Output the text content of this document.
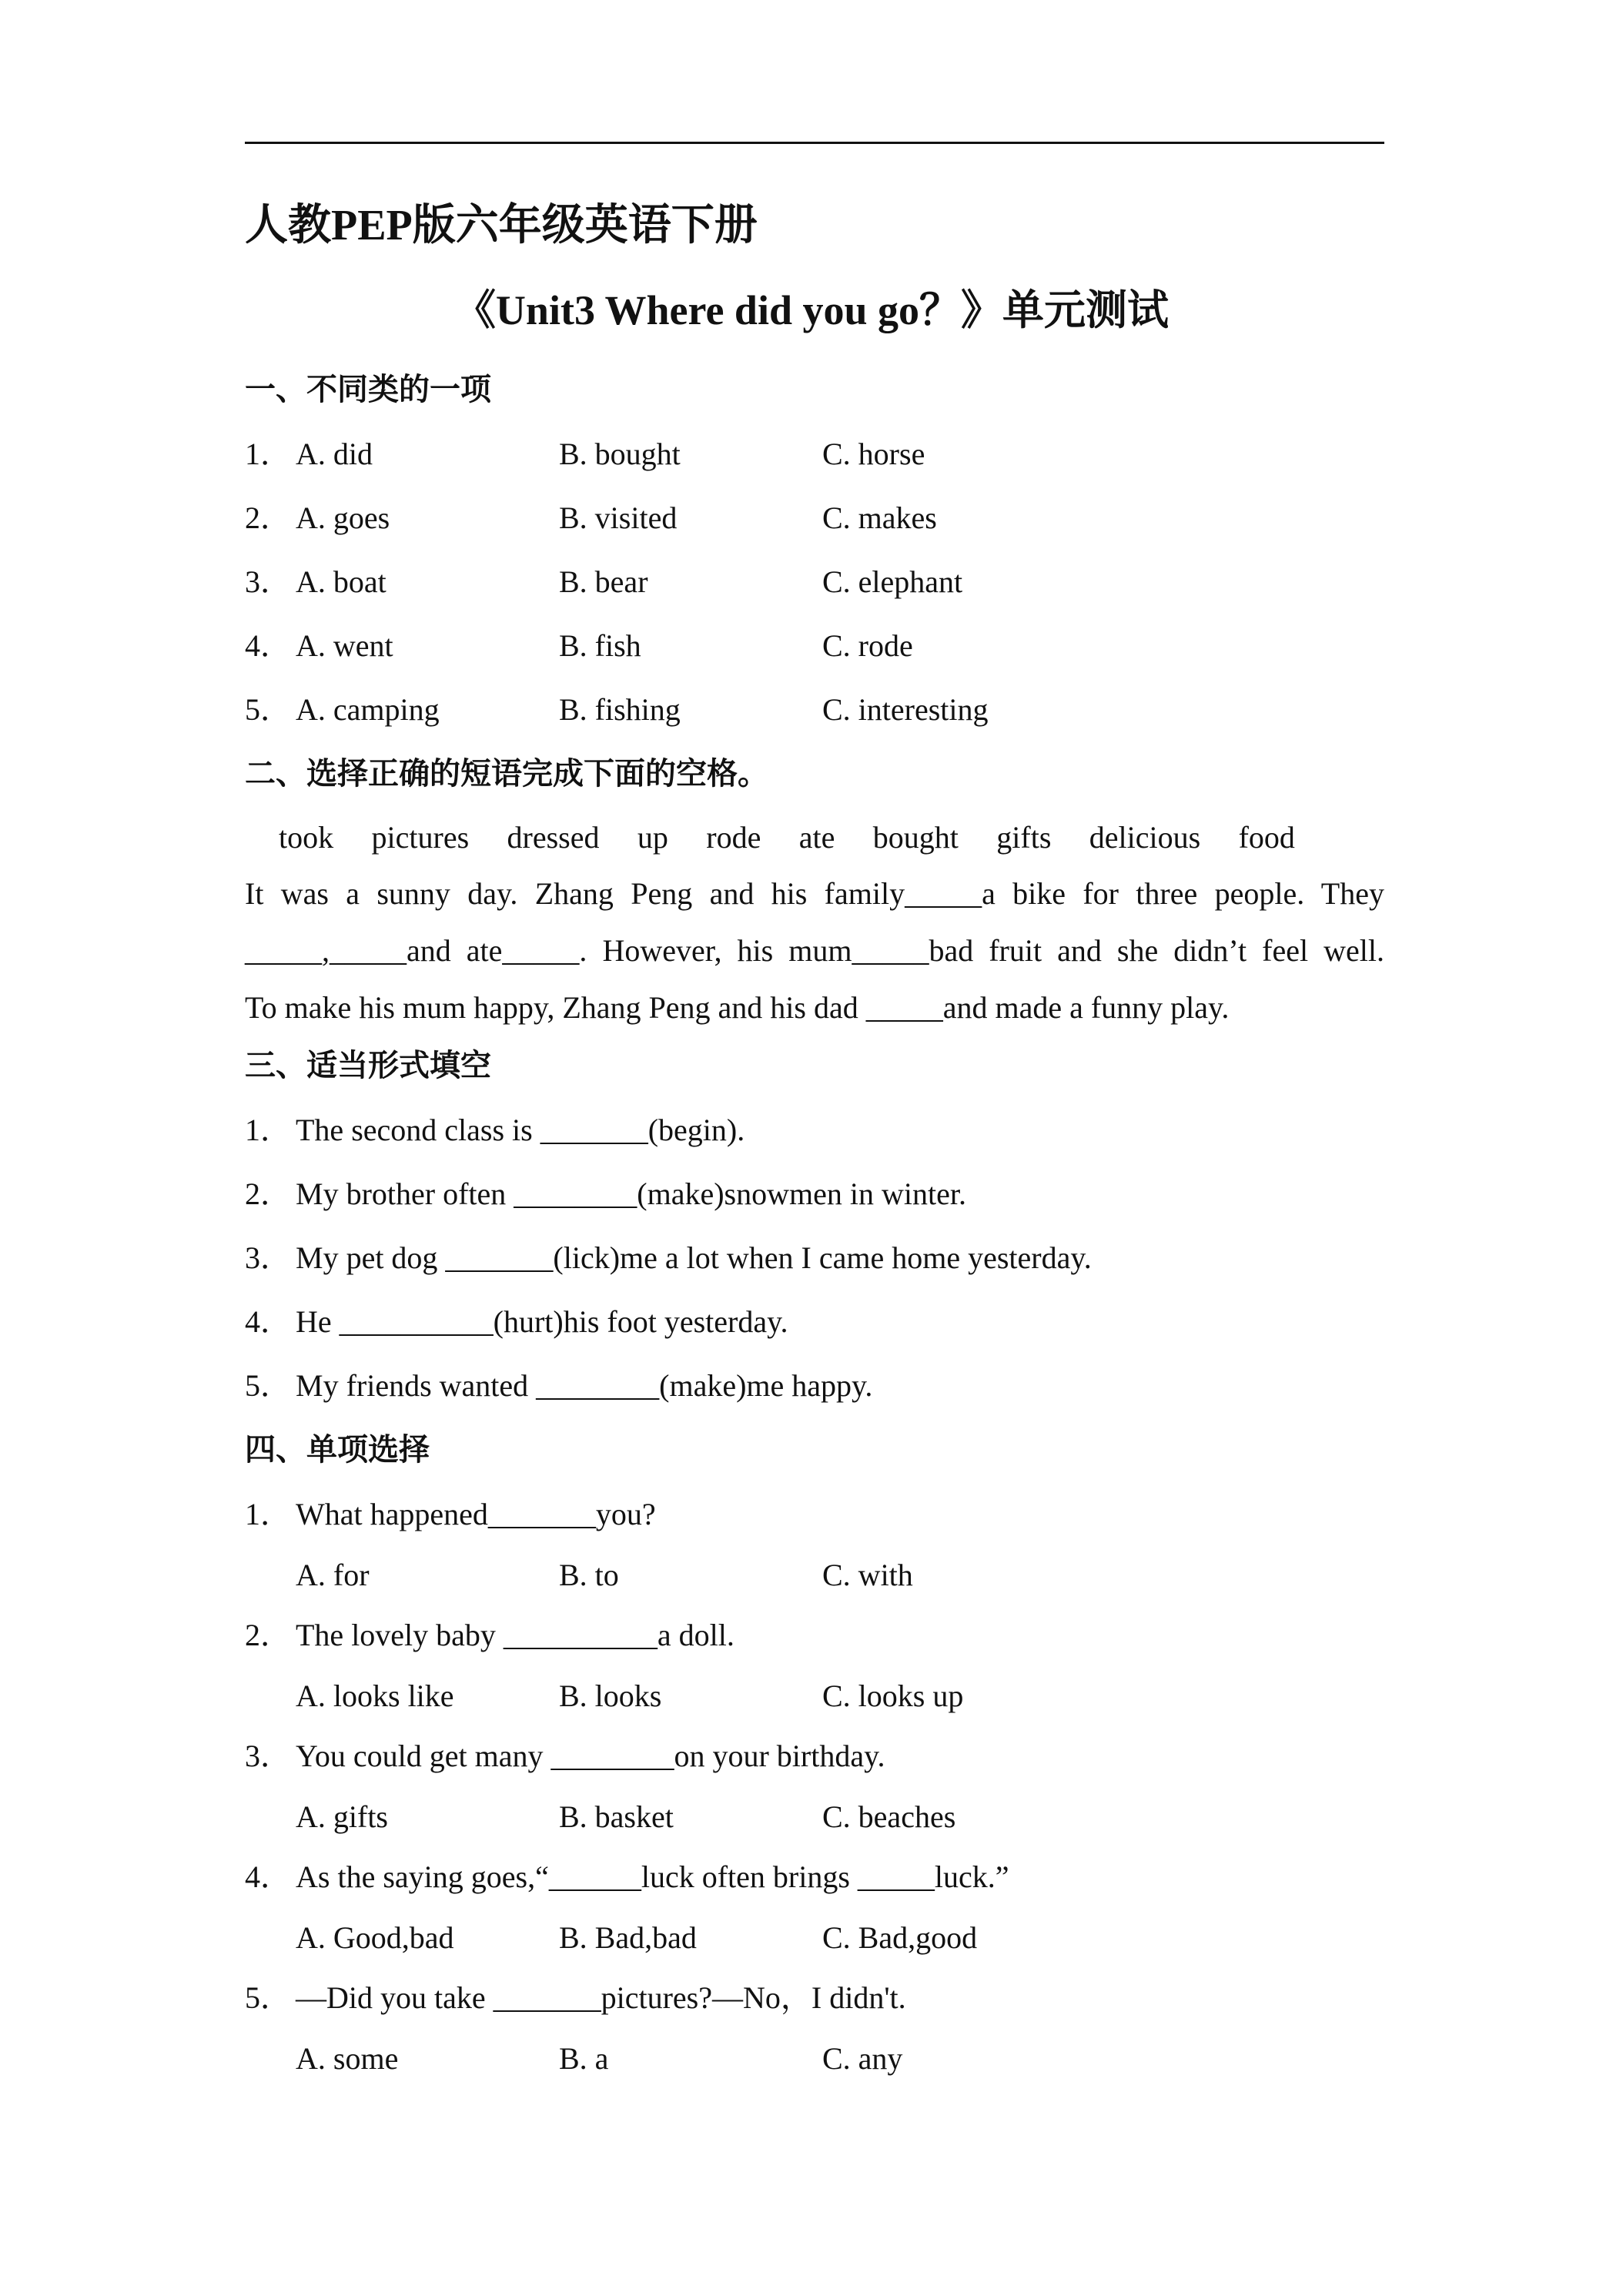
人教PEP版六年级英语下册
《Unit3 Where did you go？》单元测试
一、不同类的一项
1． A. did	B. bought	C. horse
2． A. goes	B. visited	C. makes
3． A. boat	B. bear	C. elephant
4． A. went	B. fish	C. rode
5． A. camping	B. fishing	C. interesting
二、选择正确的短语完成下面的空格。
took pictures dressed up rode ate bought gifts delicious food

It was a sunny day. Zhang Peng and his family_____a bike for three people. They

_____,_____and ate_____. However, his mum_____bad fruit and she didn’t feel well.

To make his mum happy, Zhang Peng and his dad _____and made a funny play.

三、适当形式填空
1． The second class is _______(begin).
2． My brother often ________(make)snowmen in winter.
3． My pet dog _______(lick)me a lot when I came home yesterday.
4． He __________(hurt)his foot yesterday.
5． My friends wanted ________(make)me happy.
四、单项选择
1． What happened_______you?
A. for	B. to	C. with
2． The lovely baby __________a doll.
A. looks like	B. looks	C. looks up
3． You could get many ________on your birthday.
A. gifts	B. basket	C. beaches
4． As the saying goes,“______luck often brings _____luck.”
A. Good,bad	B. Bad,bad	C. Bad,good
5． —Did you take _______pictures?—No，I didn't.
A. some	B. a	C. any
